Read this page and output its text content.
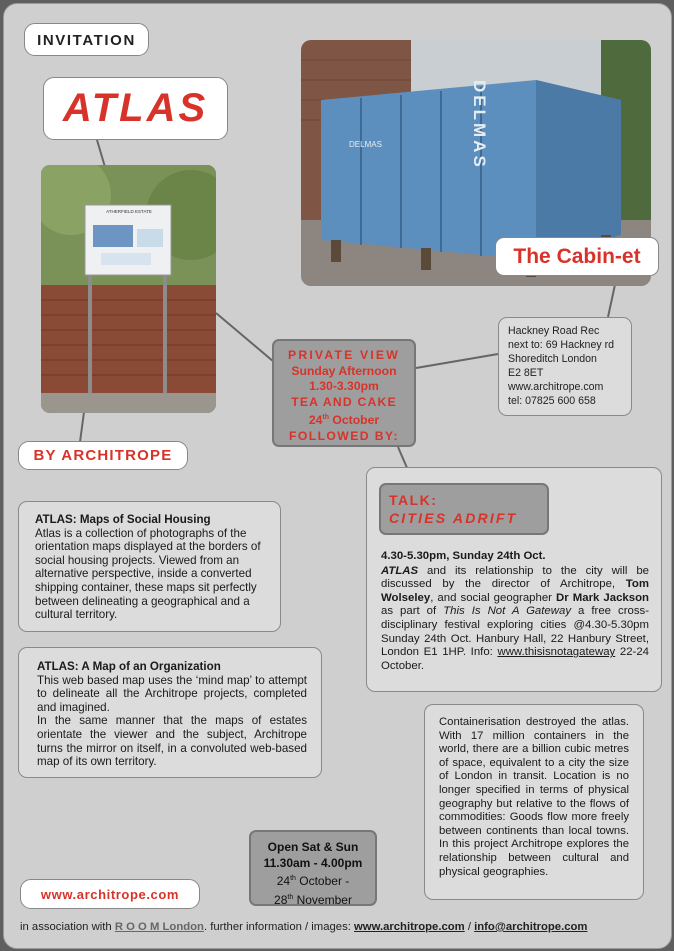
INVITATION
ATLAS
ATHERFIELD ESTATE
BY ARCHITROPE
DELMAS
DELMAS
The Cabin-et
Hackney Road Rec
next to: 69 Hackney rd
Shoreditch London
E2 8ET
www.architrope.com
tel: 07825 600 658
PRIVATE VIEW
Sunday Afternoon
1.30-3.30pm
TEA AND CAKE
24th October
FOLLOWED BY:
TALK:
CITIES ADRIFT
4.30-5.30pm, Sunday 24th Oct.
ATLAS and its relationship to the city will be discussed by the director of Architrope, Tom Wolseley, and social geographer Dr Mark Jackson as part of This Is Not A Gateway a free cross-disciplinary festival exploring cities @4.30-5.30pm Sunday 24th Oct. Hanbury Hall, 22 Hanbury Street, London E1 1HP. Info: www.thisisnotagateway 22-24 October.
ATLAS: Maps of Social Housing
Atlas is a collection of photographs of the orientation maps displayed at the borders of social housing projects. Viewed from an alternative perspective, inside a converted shipping container, these maps sit perfectly between delineating a geographical and a cultural territory.
ATLAS: A Map of an Organization
This web based map uses the ‘mind map’ to attempt to delineate all the Architrope projects, completed and imagined.
In the same manner that the maps of estates orientate the viewer and the subject, Architrope turns the mirror on itself, in a convoluted web-based map of its own territory.
Containerisation destroyed the atlas. With 17 million containers in the world, there are a billion cubic metres of space, equivalent to a city the size of London in transit. Location is no longer specified in terms of physical geography but relative to the flows of commodities: Goods flow more freely between continents than local towns. In this project Architrope explores the relationship between cultural and physical geographies.
Open Sat & Sun
11.30am - 4.00pm
24th October -
28th November
www.architrope.com
in association with R O O M London. further information / images: www.architrope.com / info@architrope.com
